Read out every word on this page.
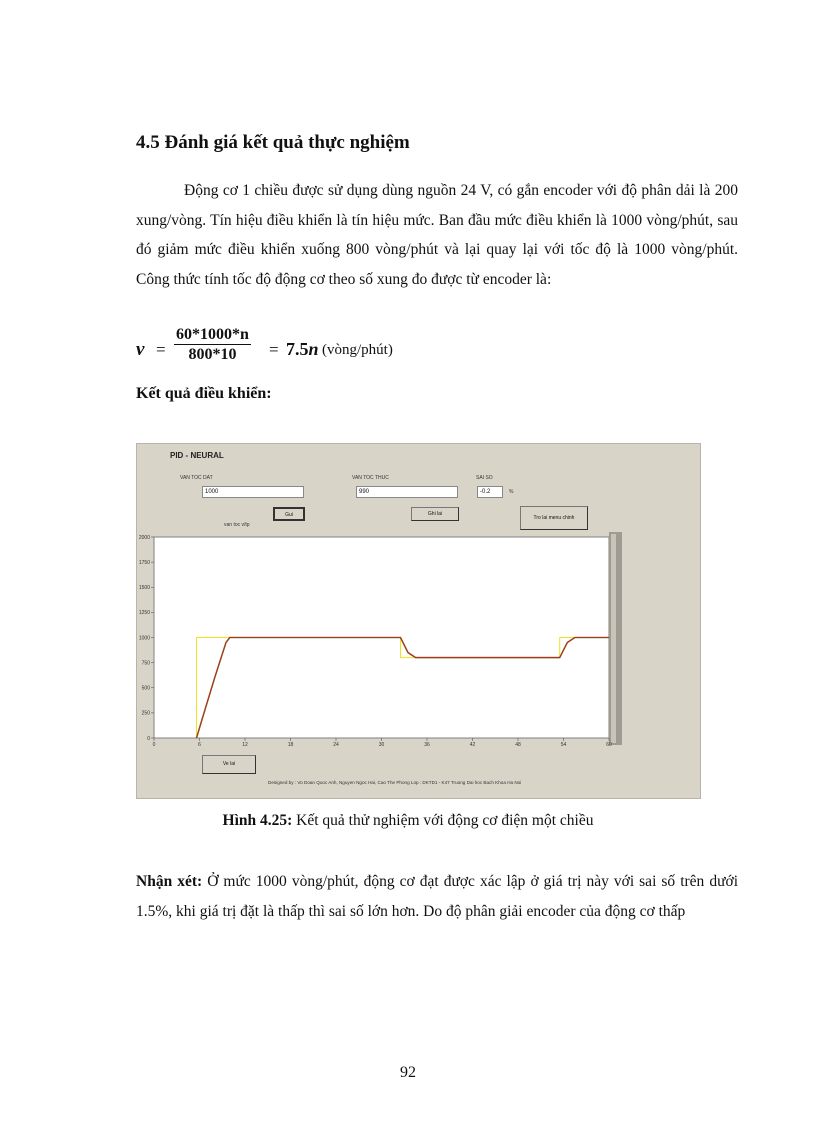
4.5 Đánh giá kết quả thực nghiệm

Động cơ 1 chiều được sử dụng dùng nguồn 24 V, có gắn encoder với độ phân dải là 200 xung/vòng. Tín hiệu điều khiển là tín hiệu mức. Ban đầu mức điều khiển là 1000 vòng/phút, sau đó giảm mức điều khiển xuống 800 vòng/phút và lại quay lại với tốc độ là 1000 vòng/phút. Công thức tính tốc độ động cơ theo số xung đo được từ encoder là:

$v = \frac{60*1000*n}{800*10} = 7.5n$ (vòng/phút)
Kết quả điều khiển:
PID - NEURAL
VAN TOC DAT
1000
VAN TOC THUC
990
SAI SO
-0.2	%
Gui	Ghi lai
Tro lai menu chinh
van toc v/tp
0
250
500
750
1000
1250
1500
1750
2000
0	6	12	18	24	30	36	42	48	54	60
Ve lai
Designed by : Vo Doan Quoc Anh, Nguyen Ngoc Hai, Cao The Phong Lop : DKTD1 - K47 Truong Dai hoc Bach Khoa Ha Noi
Hình 4.25: Kết quả thử nghiệm với động cơ điện một chiều
Nhận xét: Ở mức 1000 vòng/phút, động cơ đạt được xác lập ở giá trị này với sai số trên dưới 1.5%, khi giá trị đặt là thấp thì sai số lớn hơn. Do độ phân giải encoder của động cơ thấp
92
